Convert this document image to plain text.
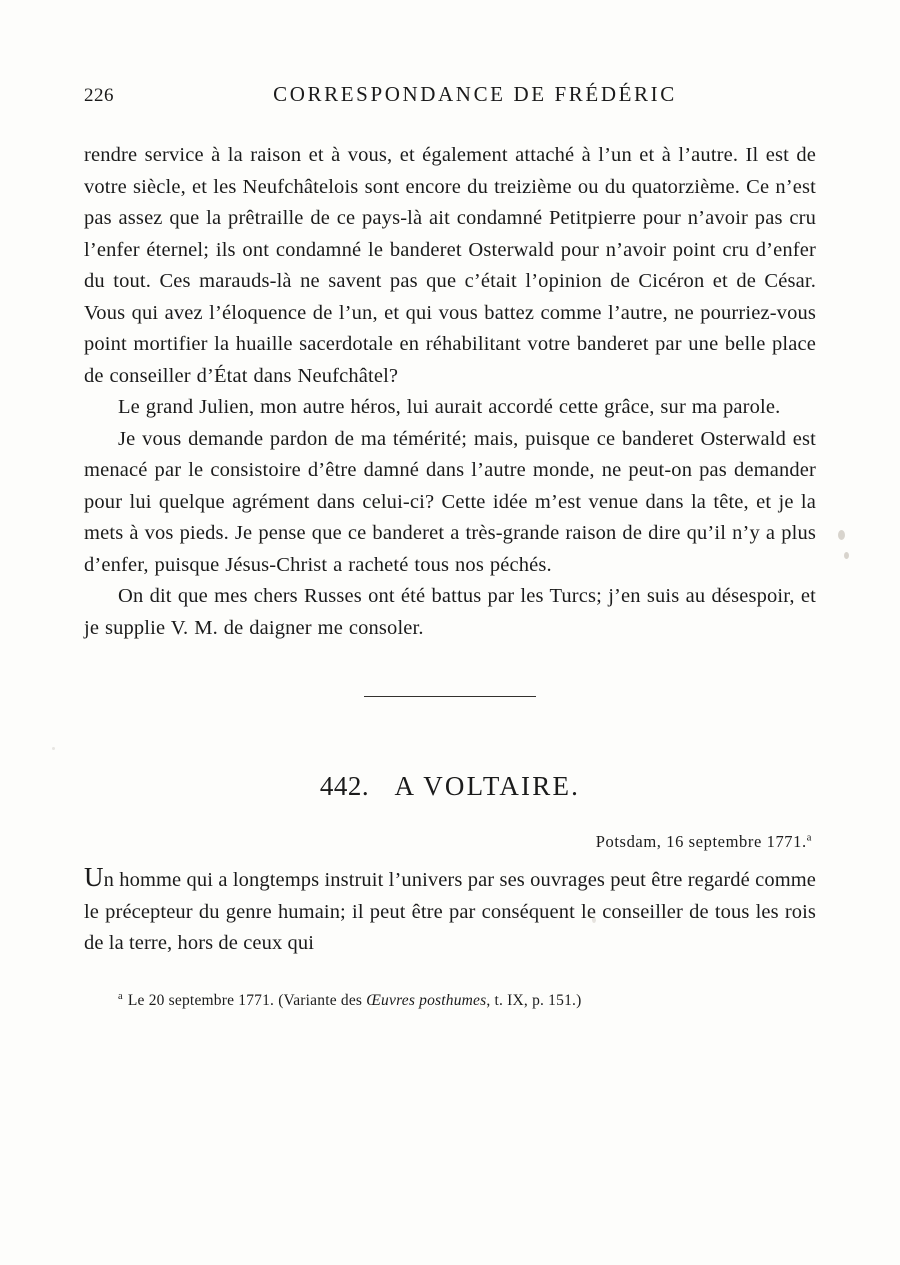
226	CORRESPONDANCE DE FRÉDÉRIC

rendre service à la raison et à vous, et également attaché à l’un et à l’autre. Il est de votre siècle, et les Neufchâtelois sont encore du treizième ou du quatorzième. Ce n’est pas assez que la prêtraille de ce pays-là ait condamné Petitpierre pour n’avoir pas cru l’enfer éternel; ils ont condamné le banderet Osterwald pour n’avoir point cru d’enfer du tout. Ces marauds-là ne savent pas que c’était l’opinion de Cicéron et de César. Vous qui avez l’éloquence de l’un, et qui vous battez comme l’autre, ne pourriez-vous point mortifier la huaille sacerdotale en réhabilitant votre banderet par une belle place de conseiller d’État dans Neufchâtel?

Le grand Julien, mon autre héros, lui aurait accordé cette grâce, sur ma parole.

Je vous demande pardon de ma témérité; mais, puisque ce banderet Osterwald est menacé par le consistoire d’être damné dans l’autre monde, ne peut-on pas demander pour lui quelque agrément dans celui-ci? Cette idée m’est venue dans la tête, et je la mets à vos pieds. Je pense que ce banderet a très-grande raison de dire qu’il n’y a plus d’enfer, puisque Jésus-Christ a racheté tous nos péchés.

On dit que mes chers Russes ont été battus par les Turcs; j’en suis au désespoir, et je supplie V. M. de daigner me consoler.

442. A VOLTAIRE.
Potsdam, 16 septembre 1771.$^a$

Un homme qui a longtemps instruit l’univers par ses ouvrages peut être regardé comme le précepteur du genre humain; il peut être par conséquent le conseiller de tous les rois de la terre, hors de ceux qui

$^a$ Le 20 septembre 1771. (Variante des Œuvres posthumes, t. IX, p. 151.)
